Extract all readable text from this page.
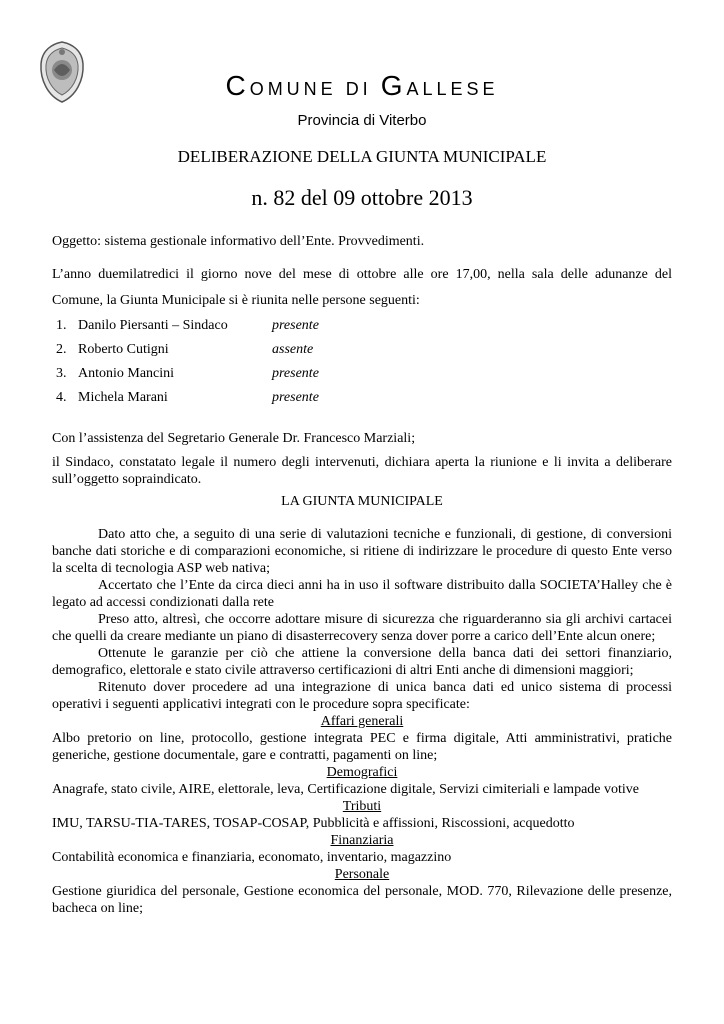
COMUNE DI GALLESE
Provincia di Viterbo
DELIBERAZIONE DELLA GIUNTA MUNICIPALE
n. 82 del 09 ottobre 2013
Oggetto: sistema gestionale informativo dell’Ente. Provvedimenti.
L’anno duemilatredici il giorno nove del mese di ottobre alle ore 17,00, nella sala delle adunanze del
Comune, la Giunta Municipale si è riunita nelle persone seguenti:
1. Danilo Piersanti – Sindaco	presente
2. Roberto Cutigni	assente
3. Antonio Mancini	presente
4. Michela Marani	presente
Con l’assistenza del Segretario Generale Dr. Francesco Marziali;
il Sindaco, constatato legale il numero degli intervenuti, dichiara aperta la riunione e li invita a deliberare sull’oggetto sopraindicato.
LA GIUNTA MUNICIPALE
Dato atto che, a seguito di una serie di valutazioni tecniche e funzionali, di gestione, di conversioni banche dati storiche e di comparazioni economiche, si ritiene di indirizzare le procedure di questo Ente verso la scelta di tecnologia ASP web nativa;
Accertato che l’Ente da circa dieci anni ha in uso il software distribuito dalla SOCIETA’Halley che è legato ad accessi condizionati dalla rete
Preso atto, altresì, che occorre adottare misure di sicurezza che riguarderanno sia gli archivi cartacei che quelli da creare mediante un piano di disasterrecovery senza dover porre a carico dell’Ente alcun onere;
Ottenute le garanzie per ciò che attiene la conversione della banca dati dei settori finanziario, demografico, elettorale e stato civile attraverso certificazioni di altri Enti anche di dimensioni maggiori;
Ritenuto dover procedere ad una integrazione di unica banca dati ed unico sistema di processi operativi i seguenti applicativi integrati con le procedure sopra specificate:
Affari generali
Albo pretorio on line, protocollo, gestione integrata PEC e firma digitale, Atti amministrativi, pratiche generiche, gestione documentale, gare e contratti, pagamenti on line;
Demografici
Anagrafe, stato civile, AIRE, elettorale, leva, Certificazione digitale, Servizi cimiteriali e lampade votive
Tributi
IMU, TARSU-TIA-TARES, TOSAP-COSAP, Pubblicità e affissioni, Riscossioni, acquedotto
Finanziaria
Contabilità economica e finanziaria, economato, inventario, magazzino
Personale
Gestione giuridica del personale, Gestione economica del personale, MOD. 770, Rilevazione delle presenze, bacheca on line;
